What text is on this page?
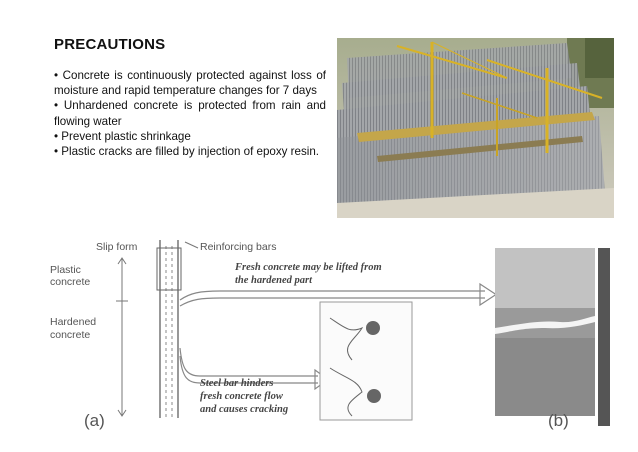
PRECAUTIONS
• Concrete is continuously protected against loss of moisture and rapid temperature changes for 7 days
• Unhardened concrete is protected from rain and flowing water
• Prevent plastic shrinkage
• Plastic cracks are filled by injection of epoxy resin.
Plastic
concrete
Hardened
concrete
Slip form	Reinforcing bars
Fresh concrete may be lifted from
the hardened part
Steel bar hinders
fresh concrete flow
and causes cracking
(a)	(b)
